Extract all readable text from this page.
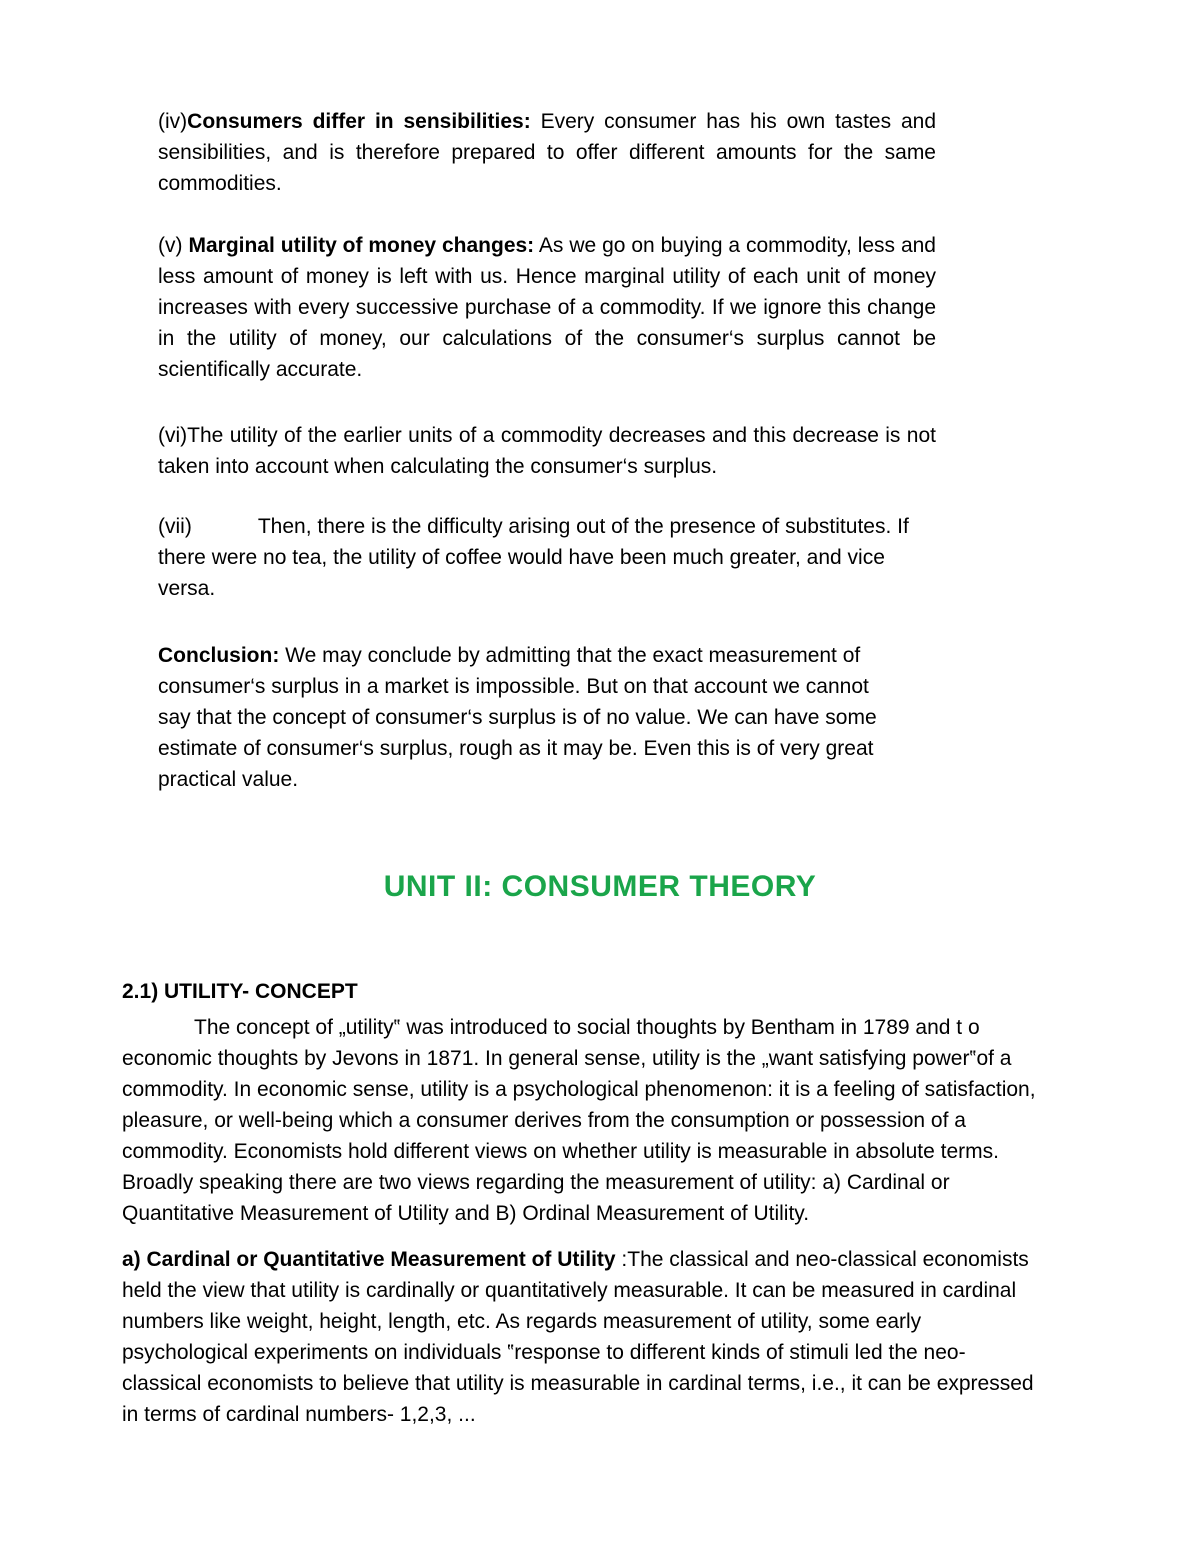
(iv)Consumers differ in sensibilities: Every consumer has his own tastes and sensibilities, and is therefore prepared to offer different amounts for the same commodities.

(v) Marginal utility of money changes: As we go on buying a commodity, less and less amount of money is left with us. Hence marginal utility of each unit of money increases with every successive purchase of a commodity. If we ignore this change in the utility of money, our calculations of the consumer‘s surplus cannot be scientifically accurate.

(vi)The utility of the earlier units of a commodity decreases and this decrease is not taken into account when calculating the consumer‘s surplus.

(vii)	Then, there is the difficulty arising out of the presence of substitutes. If there were no tea, the utility of coffee would have been much greater, and vice versa.

Conclusion: We may conclude by admitting that the exact measurement of consumer‘s surplus in a market is impossible. But on that account we cannot say that the concept of consumer‘s surplus is of no value. We can have some estimate of consumer‘s surplus, rough as it may be. Even this is of very great practical value.

UNIT II: CONSUMER THEORY
2.1) UTILITY- CONCEPT

The concept of „utility‟ was introduced to social thoughts by Bentham in 1789 and t o economic thoughts by Jevons in 1871. In general sense, utility is the „want satisfying power‟of a commodity. In economic sense, utility is a psychological phenomenon: it is a feeling of satisfaction, pleasure, or well-being which a consumer derives from the consumption or possession of a commodity. Economists hold different views on whether utility is measurable in absolute terms. Broadly speaking there are two views regarding the measurement of utility: a) Cardinal or Quantitative Measurement of Utility and B) Ordinal Measurement of Utility.

a) Cardinal or Quantitative Measurement of Utility :The classical and neo-classical economists held the view that utility is cardinally or quantitatively measurable. It can be measured in cardinal numbers like weight, height, length, etc. As regards measurement of utility, some early psychological experiments on individuals ‟response to different kinds of stimuli led the neo-classical economists to believe that utility is measurable in cardinal terms, i.e., it can be expressed in terms of cardinal numbers- 1,2,3, ...
